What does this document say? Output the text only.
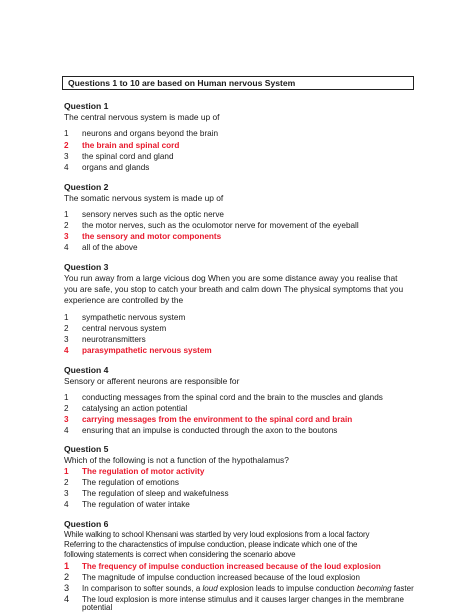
Questions 1 to 10 are based on Human nervous System
Question 1
The central nervous system is made up of
1 neurons and organs beyond the brain
2 the brain and spinal cord
3 the spinal cord and gland
4 organs and glands
Question 2
The somatic nervous system is made up of
1 sensory nerves such as the optic nerve
2 the motor nerves, such as the oculomotor nerve for movement of the eyeball
3 the sensory and motor components
4 all of the above
Question 3
You run away from a large vicious dog When you are some distance away you realise that
you are safe, you stop to catch your breath and calm down The physical symptoms that you
experience are controlled by the
1 sympathetic nervous system
2 central nervous system
3 neurotransmitters
4 parasympathetic nervous system
Question 4
Sensory or afferent neurons are responsible for
1 conducting messages from the spinal cord and the brain to the muscles and glands
2 catalysing an action potential
3 carrying messages from the environment to the spinal cord and brain
4 ensuring that an impulse is conducted through the axon to the boutons
Question 5
Which of the following is not a function of the hypothalamus?
1 The regulation of motor activity
2 The regulation of emotions
3 The regulation of sleep and wakefulness
4 The regulation of water intake
Question 6
While walking to school Khensani was startled by very loud explosions from a local factory
Referring to the charactenstics of impulse conduction, please indicate which one of the
following statements is correct when considering the scenario above
1 The frequency of impulse conduction increased because of the loud explosion
2 The magnitude of impulse conduction increased because of the loud explosion
3 In comparison to softer sounds, a loud explosion leads to impulse conduction becoming faster
4 The loud explosion is more intense stimulus and it causes larger changes in the membrane
potential
